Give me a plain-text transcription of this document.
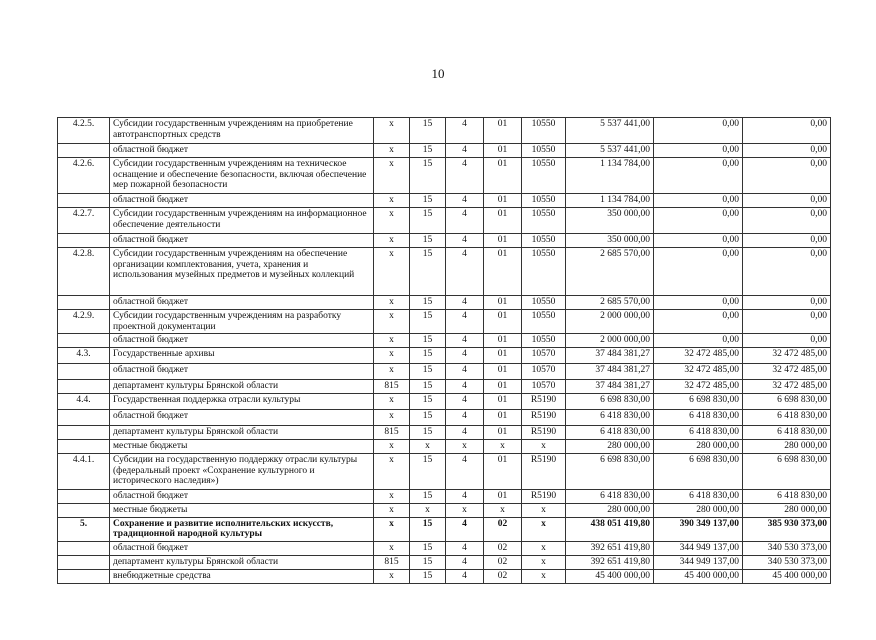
10
4.2.5.	Субсидии государственным учреждениям на приобретение автотранспортных средств	х	15	4	01	10550	5 537 441,00	0,00	0,00
	областной бюджет	х	15	4	01	10550	5 537 441,00	0,00	0,00
4.2.6.	Субсидии государственным учреждениям на техническое оснащение и обеспечение безопасности, включая обеспечение мер пожарной безопасности	х	15	4	01	10550	1 134 784,00	0,00	0,00
	областной бюджет	х	15	4	01	10550	1 134 784,00	0,00	0,00
4.2.7.	Субсидии государственным учреждениям на информационное обеспечение деятельности	х	15	4	01	10550	350 000,00	0,00	0,00
	областной бюджет	х	15	4	01	10550	350 000,00	0,00	0,00
4.2.8.	Субсидии государственным учреждениям на обеспечение организации комплектования, учета, хранения и использования музейных предметов и музейных коллекций	х	15	4	01	10550	2 685 570,00	0,00	0,00
	областной бюджет	х	15	4	01	10550	2 685 570,00	0,00	0,00
4.2.9.	Субсидии государственным учреждениям на разработку проектной документации	х	15	4	01	10550	2 000 000,00	0,00	0,00
	областной бюджет	х	15	4	01	10550	2 000 000,00	0,00	0,00
4.3.	Государственные архивы	х	15	4	01	10570	37 484 381,27	32 472 485,00	32 472 485,00
	областной бюджет	х	15	4	01	10570	37 484 381,27	32 472 485,00	32 472 485,00
	департамент культуры Брянской области	815	15	4	01	10570	37 484 381,27	32 472 485,00	32 472 485,00
4.4.	Государственная поддержка отрасли культуры	х	15	4	01	R5190	6 698 830,00	6 698 830,00	6 698 830,00
	областной бюджет	х	15	4	01	R5190	6 418 830,00	6 418 830,00	6 418 830,00
	департамент культуры Брянской области	815	15	4	01	R5190	6 418 830,00	6 418 830,00	6 418 830,00
	местные бюджеты	х	х	х	х	х	280 000,00	280 000,00	280 000,00
4.4.1.	Субсидии на государственную поддержку отрасли культуры (федеральный проект «Сохранение культурного и исторического наследия»)	х	15	4	01	R5190	6 698 830,00	6 698 830,00	6 698 830,00
	областной бюджет	х	15	4	01	R5190	6 418 830,00	6 418 830,00	6 418 830,00
	местные бюджеты	х	х	х	х	х	280 000,00	280 000,00	280 000,00
5.	Сохранение и развитие исполнительских искусств, традиционной народной культуры	х	15	4	02	х	438 051 419,80	390 349 137,00	385 930 373,00
	областной бюджет	х	15	4	02	х	392 651 419,80	344 949 137,00	340 530 373,00
	департамент культуры Брянской области	815	15	4	02	х	392 651 419,80	344 949 137,00	340 530 373,00
	внебюджетные средства	х	15	4	02	х	45 400 000,00	45 400 000,00	45 400 000,00
